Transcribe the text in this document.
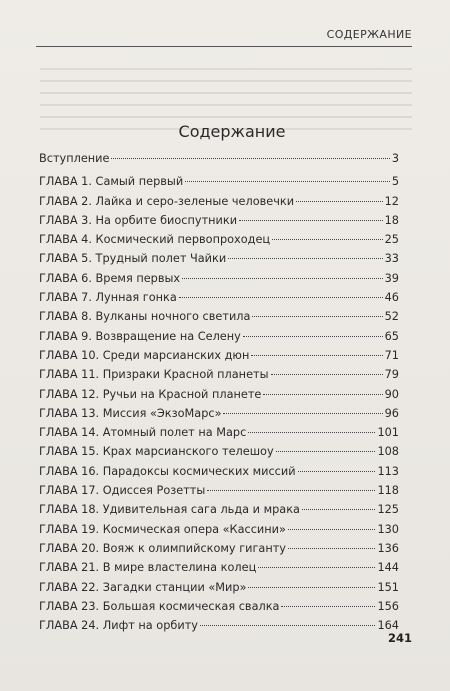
СОДЕРЖАНИЕ
Содержание
Вступление	3
ГЛАВА 1. Самый первый	5
ГЛАВА 2. Лайка и серо-зеленые человечки	12
ГЛАВА 3. На орбите биоспутники	18
ГЛАВА 4. Космический первопроходец	25
ГЛАВА 5. Трудный полет Чайки	33
ГЛАВА 6. Время первых	39
ГЛАВА 7. Лунная гонка	46
ГЛАВА 8. Вулканы ночного светила	52
ГЛАВА 9. Возвращение на Селену	65
ГЛАВА 10. Среди марсианских дюн	71
ГЛАВА 11. Призраки Красной планеты	79
ГЛАВА 12. Ручьи на Красной планете	90
ГЛАВА 13. Миссия «ЭкзоМарс»	96
ГЛАВА 14. Атомный полет на Марс	101
ГЛАВА 15. Крах марсианского телешоу	108
ГЛАВА 16. Парадоксы космических миссий	113
ГЛАВА 17. Одиссея Розетты	118
ГЛАВА 18. Удивительная сага льда и мрака	125
ГЛАВА 19. Космическая опера «Кассини»	130
ГЛАВА 20. Вояж к олимпийскому гиганту	136
ГЛАВА 21. В мире властелина колец	144
ГЛАВА 22. Загадки станции «Мир»	151
ГЛАВА 23. Большая космическая свалка	156
ГЛАВА 24. Лифт на орбиту	164
241
